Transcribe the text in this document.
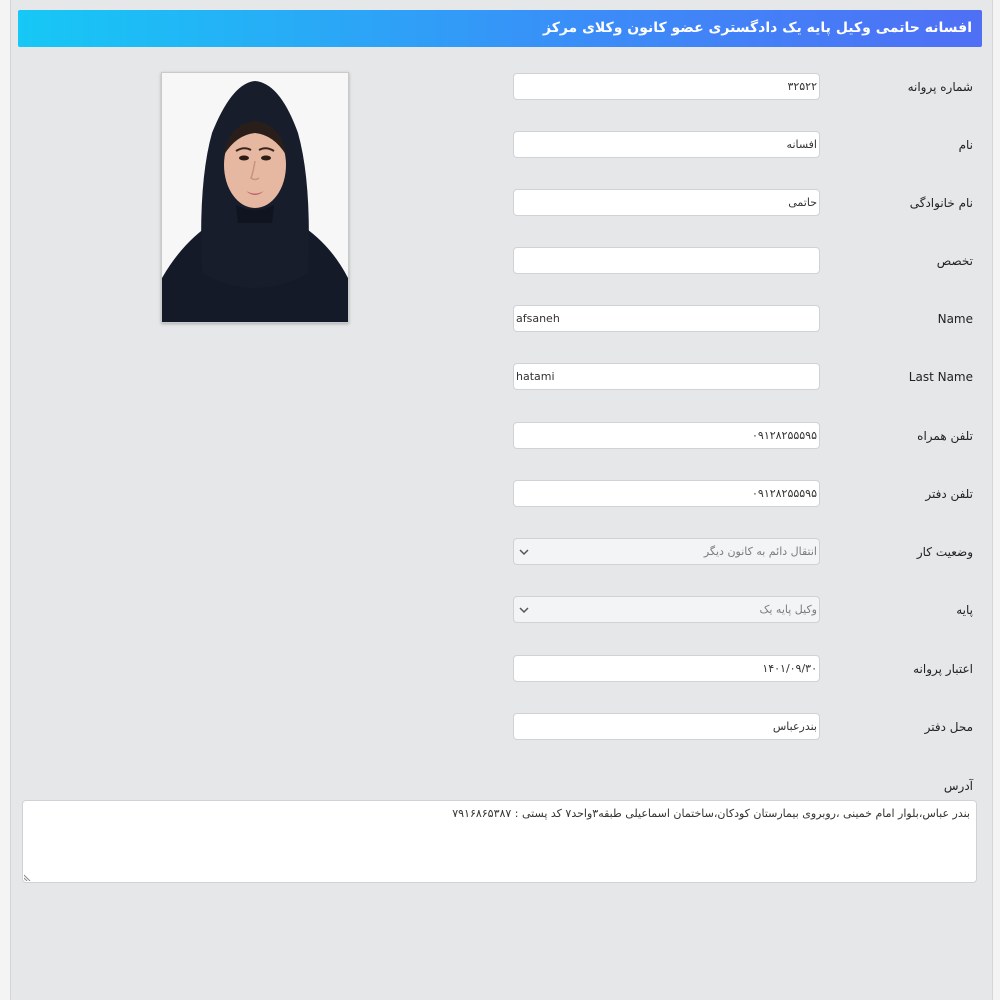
افسانه حاتمی وکیل پایه یک دادگستری عضو کانون وکلای مرکز
شماره پروانه
۳۲۵۲۲
نام
افسانه
نام خانوادگی
حاتمی
تخصص
Name
afsaneh
Last Name
hatami
تلفن همراه
۰۹۱۲۸۲۵۵۵۹۵
تلفن دفتر
۰۹۱۲۸۲۵۵۵۹۵
وضعیت کار
انتقال دائم به کانون دیگر
پایه
وکیل پایه یک
اعتبار پروانه
۱۴۰۱/۰۹/۳۰
محل دفتر
بندرعباس
آدرس
بندر عباس،بلوار امام خمینی ،روبروی بیمارستان کودکان،ساختمان اسماعیلی طبقه۳واحد۷ کد پستی : ۷۹۱۶۸۶۵۳۸۷
